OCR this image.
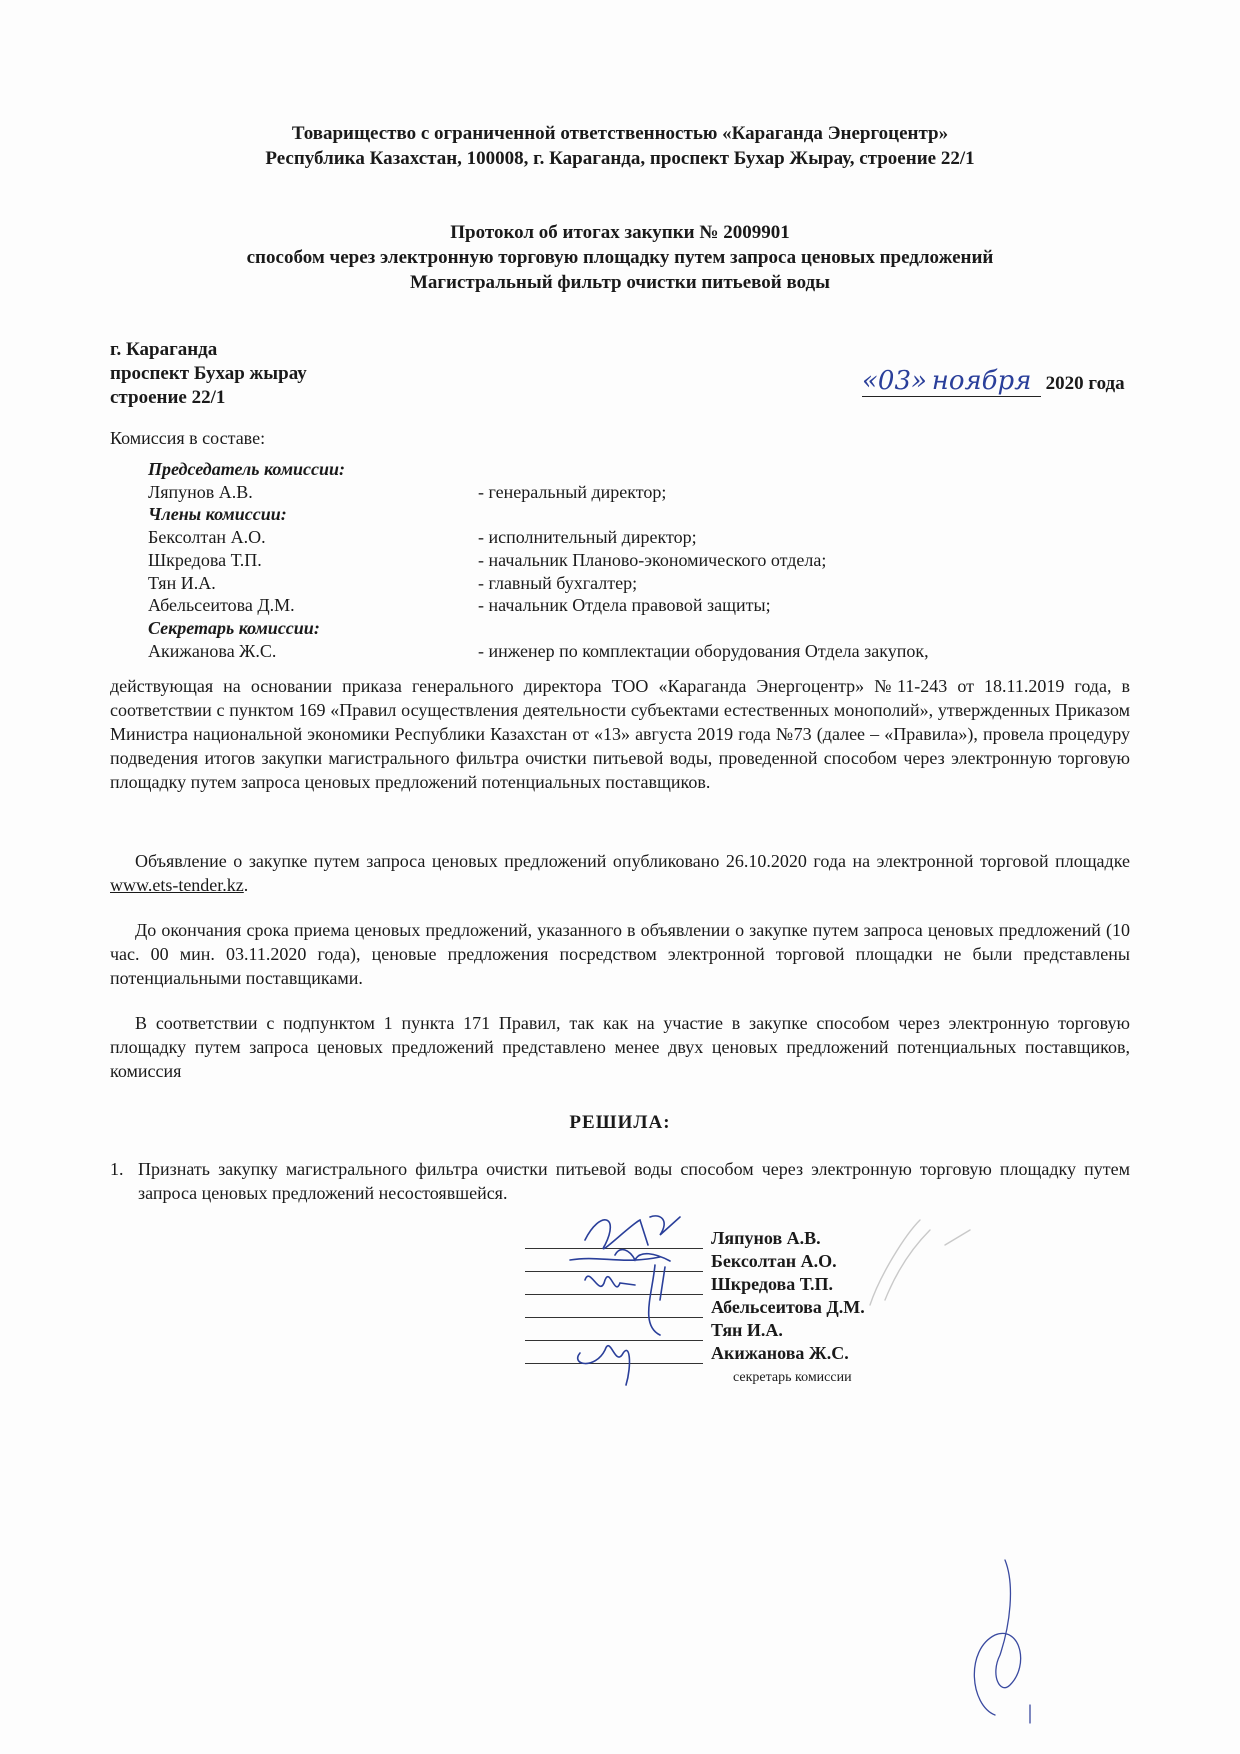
Товарищество с ограниченной ответственностью «Караганда Энергоцентр»
Республика Казахстан, 100008, г. Караганда, проспект Бухар Жырау, строение 22/1
Протокол об итогах закупки № 2009901
способом через электронную торговую площадку путем запроса ценовых предложений
Магистральный фильтр очистки питьевой воды
г. Караганда
проспект Бухар жырау
строение 22/1
«03» ноября 2020 года
Комиссия в составе:
Председатель комиссии:
Ляпунов А.В.	- генеральный директор;
Члены комиссии:
Бексолтан А.О.	- исполнительный директор;
Шкредова Т.П.	- начальник Планово-экономического отдела;
Тян И.А.	- главный бухгалтер;
Абельсеитова Д.М.	- начальник Отдела правовой защиты;
Секретарь комиссии:
Акижанова Ж.С.	- инженер по комплектации оборудования Отдела закупок,
действующая на основании приказа генерального директора ТОО «Караганда Энергоцентр» №11-243 от 18.11.2019 года, в соответствии с пунктом 169 «Правил осуществления деятельности субъектами естественных монополий», утвержденных Приказом Министра национальной экономики Республики Казахстан от «13» августа 2019 года №73 (далее – «Правила»), провела процедуру подведения итогов закупки магистрального фильтра очистки питьевой воды, проведенной способом через электронную торговую площадку путем запроса ценовых предложений потенциальных поставщиков.
Объявление о закупке путем запроса ценовых предложений опубликовано 26.10.2020 года на электронной торговой площадке www.ets-tender.kz.
До окончания срока приема ценовых предложений, указанного в объявлении о закупке путем запроса ценовых предложений (10 час. 00 мин. 03.11.2020 года), ценовые предложения посредством электронной торговой площадки не были представлены потенциальными поставщиками.
В соответствии с подпунктом 1 пункта 171 Правил, так как на участие в закупке способом через электронную торговую площадку путем запроса ценовых предложений представлено менее двух ценовых предложений потенциальных поставщиков, комиссия
РЕШИЛА:
1. Признать закупку магистрального фильтра очистки питьевой воды способом через электронную торговую площадку путем запроса ценовых предложений несостоявшейся.
Ляпунов А.В.
Бексолтан А.О.
Шкредова Т.П.
Абельсеитова Д.М.
Тян И.А.
Акижанова Ж.С.
секретарь комиссии
